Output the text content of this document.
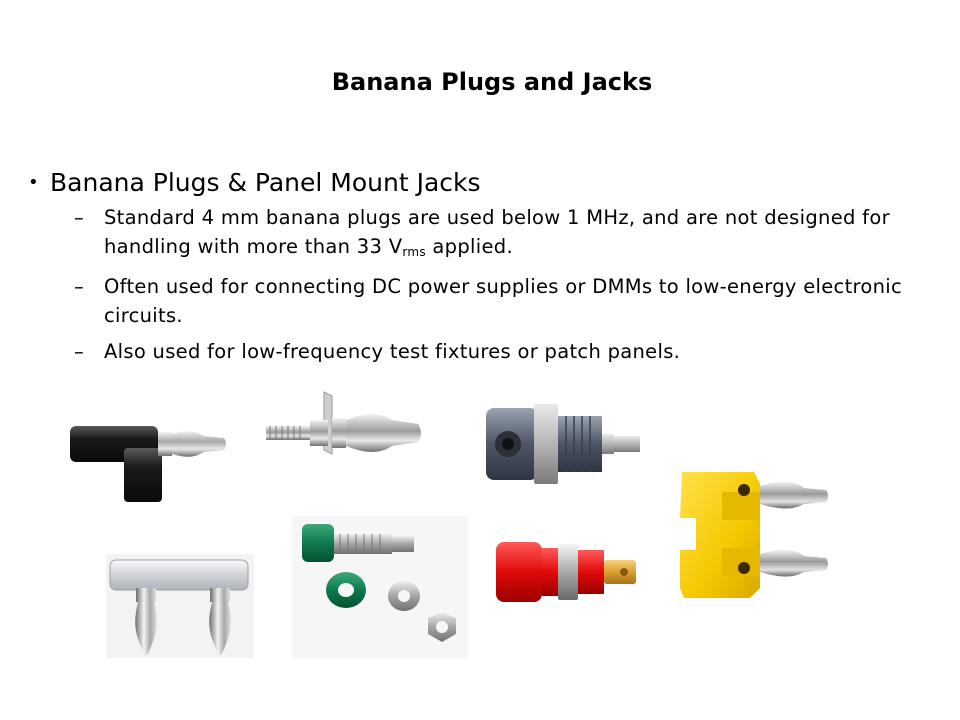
Banana Plugs and Jacks
• Banana Plugs & Panel Mount Jacks
–	Standard 4 mm banana plugs are used below 1 MHz, and are not designed for handling with more than 33 $V_{rms}$ applied.
–	Often used for connecting DC power supplies or DMMs to low-energy electronic circuits.
–	Also used for low-frequency test fixtures or patch panels.
